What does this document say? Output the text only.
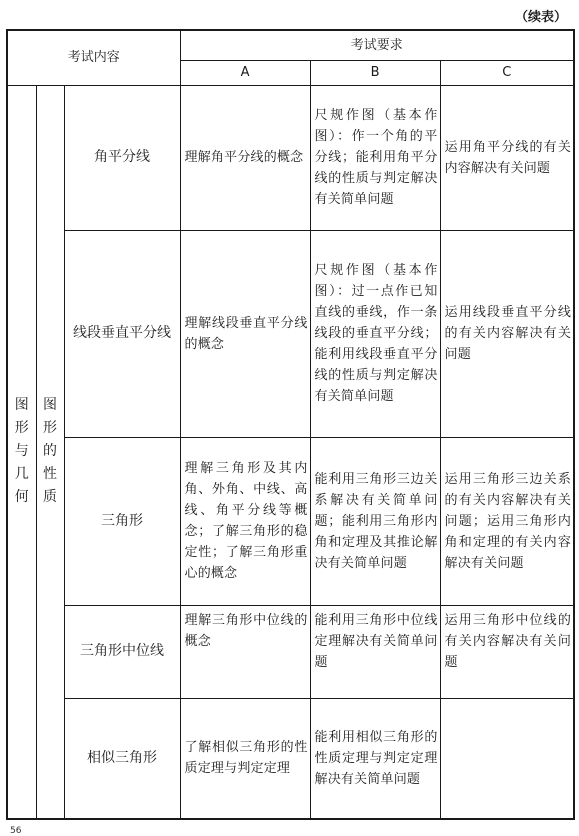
（续表）
考试内容			考试要求		
			A	B	C
图形与几何	图形的性质	角平分线	理解角平分线的概念	尺规作图（基本作图）：作一个角的平分线；能利用角平分线的性质与判定解决有关简单问题	运用角平分线的有关内容解决有关问题
		线段垂直平分线	理解线段垂直平分线的概念	尺规作图（基本作图）：过一点作已知直线的垂线，作一条线段的垂直平分线；能利用线段垂直平分线的性质与判定解决有关简单问题	运用线段垂直平分线的有关内容解决有关问题
		三角形	理解三角形及其内角、外角、中线、高线、角平分线等概念；了解三角形的稳定性；了解三角形重心的概念	能利用三角形三边关系解决有关简单问题；能利用三角形内角和定理及其推论解决有关简单问题	运用三角形三边关系的有关内容解决有关问题；运用三角形内角和定理的有关内容解决有关问题
		三角形中位线	理解三角形中位线的概念	能利用三角形中位线定理解决有关简单问题	运用三角形中位线的有关内容解决有关问题
		相似三角形	了解相似三角形的性质定理与判定定理	能利用相似三角形的性质定理与判定定理解决有关简单问题	
56
